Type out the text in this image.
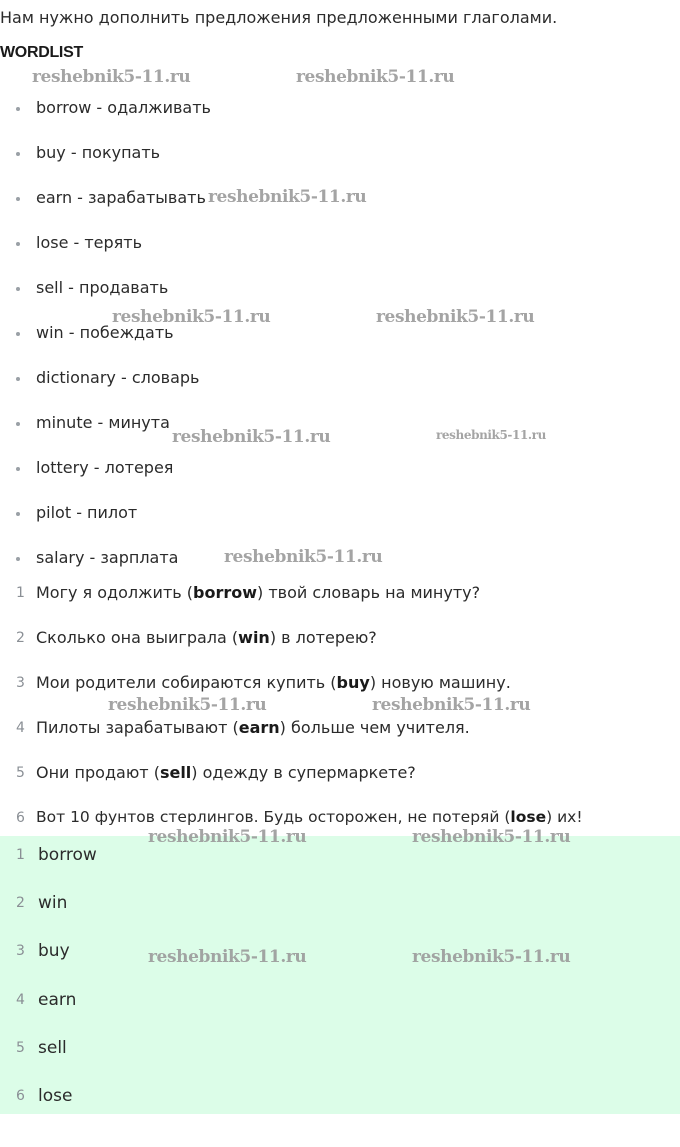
Нам нужно дополнить предложения предложенными глаголами.
WORDLIST
borrow - одалживать
buy - покупать
earn - зарабатывать
lose - терять
sell - продавать
win - побеждать
dictionary - словарь
minute - минута
lottery - лотерея
pilot - пилот
salary - зарплата
1 Могу я одолжить (borrow) твой словарь на минуту?
2 Сколько она выиграла (win) в лотерею?
3 Мои родители собираются купить (buy) новую машину.
4 Пилоты зарабатывают (earn) больше чем учителя.
5 Они продают (sell) одежду в супермаркете?
6 Вот 10 фунтов стерлингов. Будь осторожен, не потеряй (lose) их!
1 borrow
2 win
3 buy
4 earn
5 sell
6 lose
reshebnik5-11.ru	reshebnik5-11.ru
reshebnik5-11.ru
reshebnik5-11.ru	reshebnik5-11.ru
reshebnik5-11.ru	reshebnik5-11.ru
reshebnik5-11.ru
reshebnik5-11.ru	reshebnik5-11.ru
reshebnik5-11.ru	reshebnik5-11.ru
reshebnik5-11.ru	reshebnik5-11.ru
